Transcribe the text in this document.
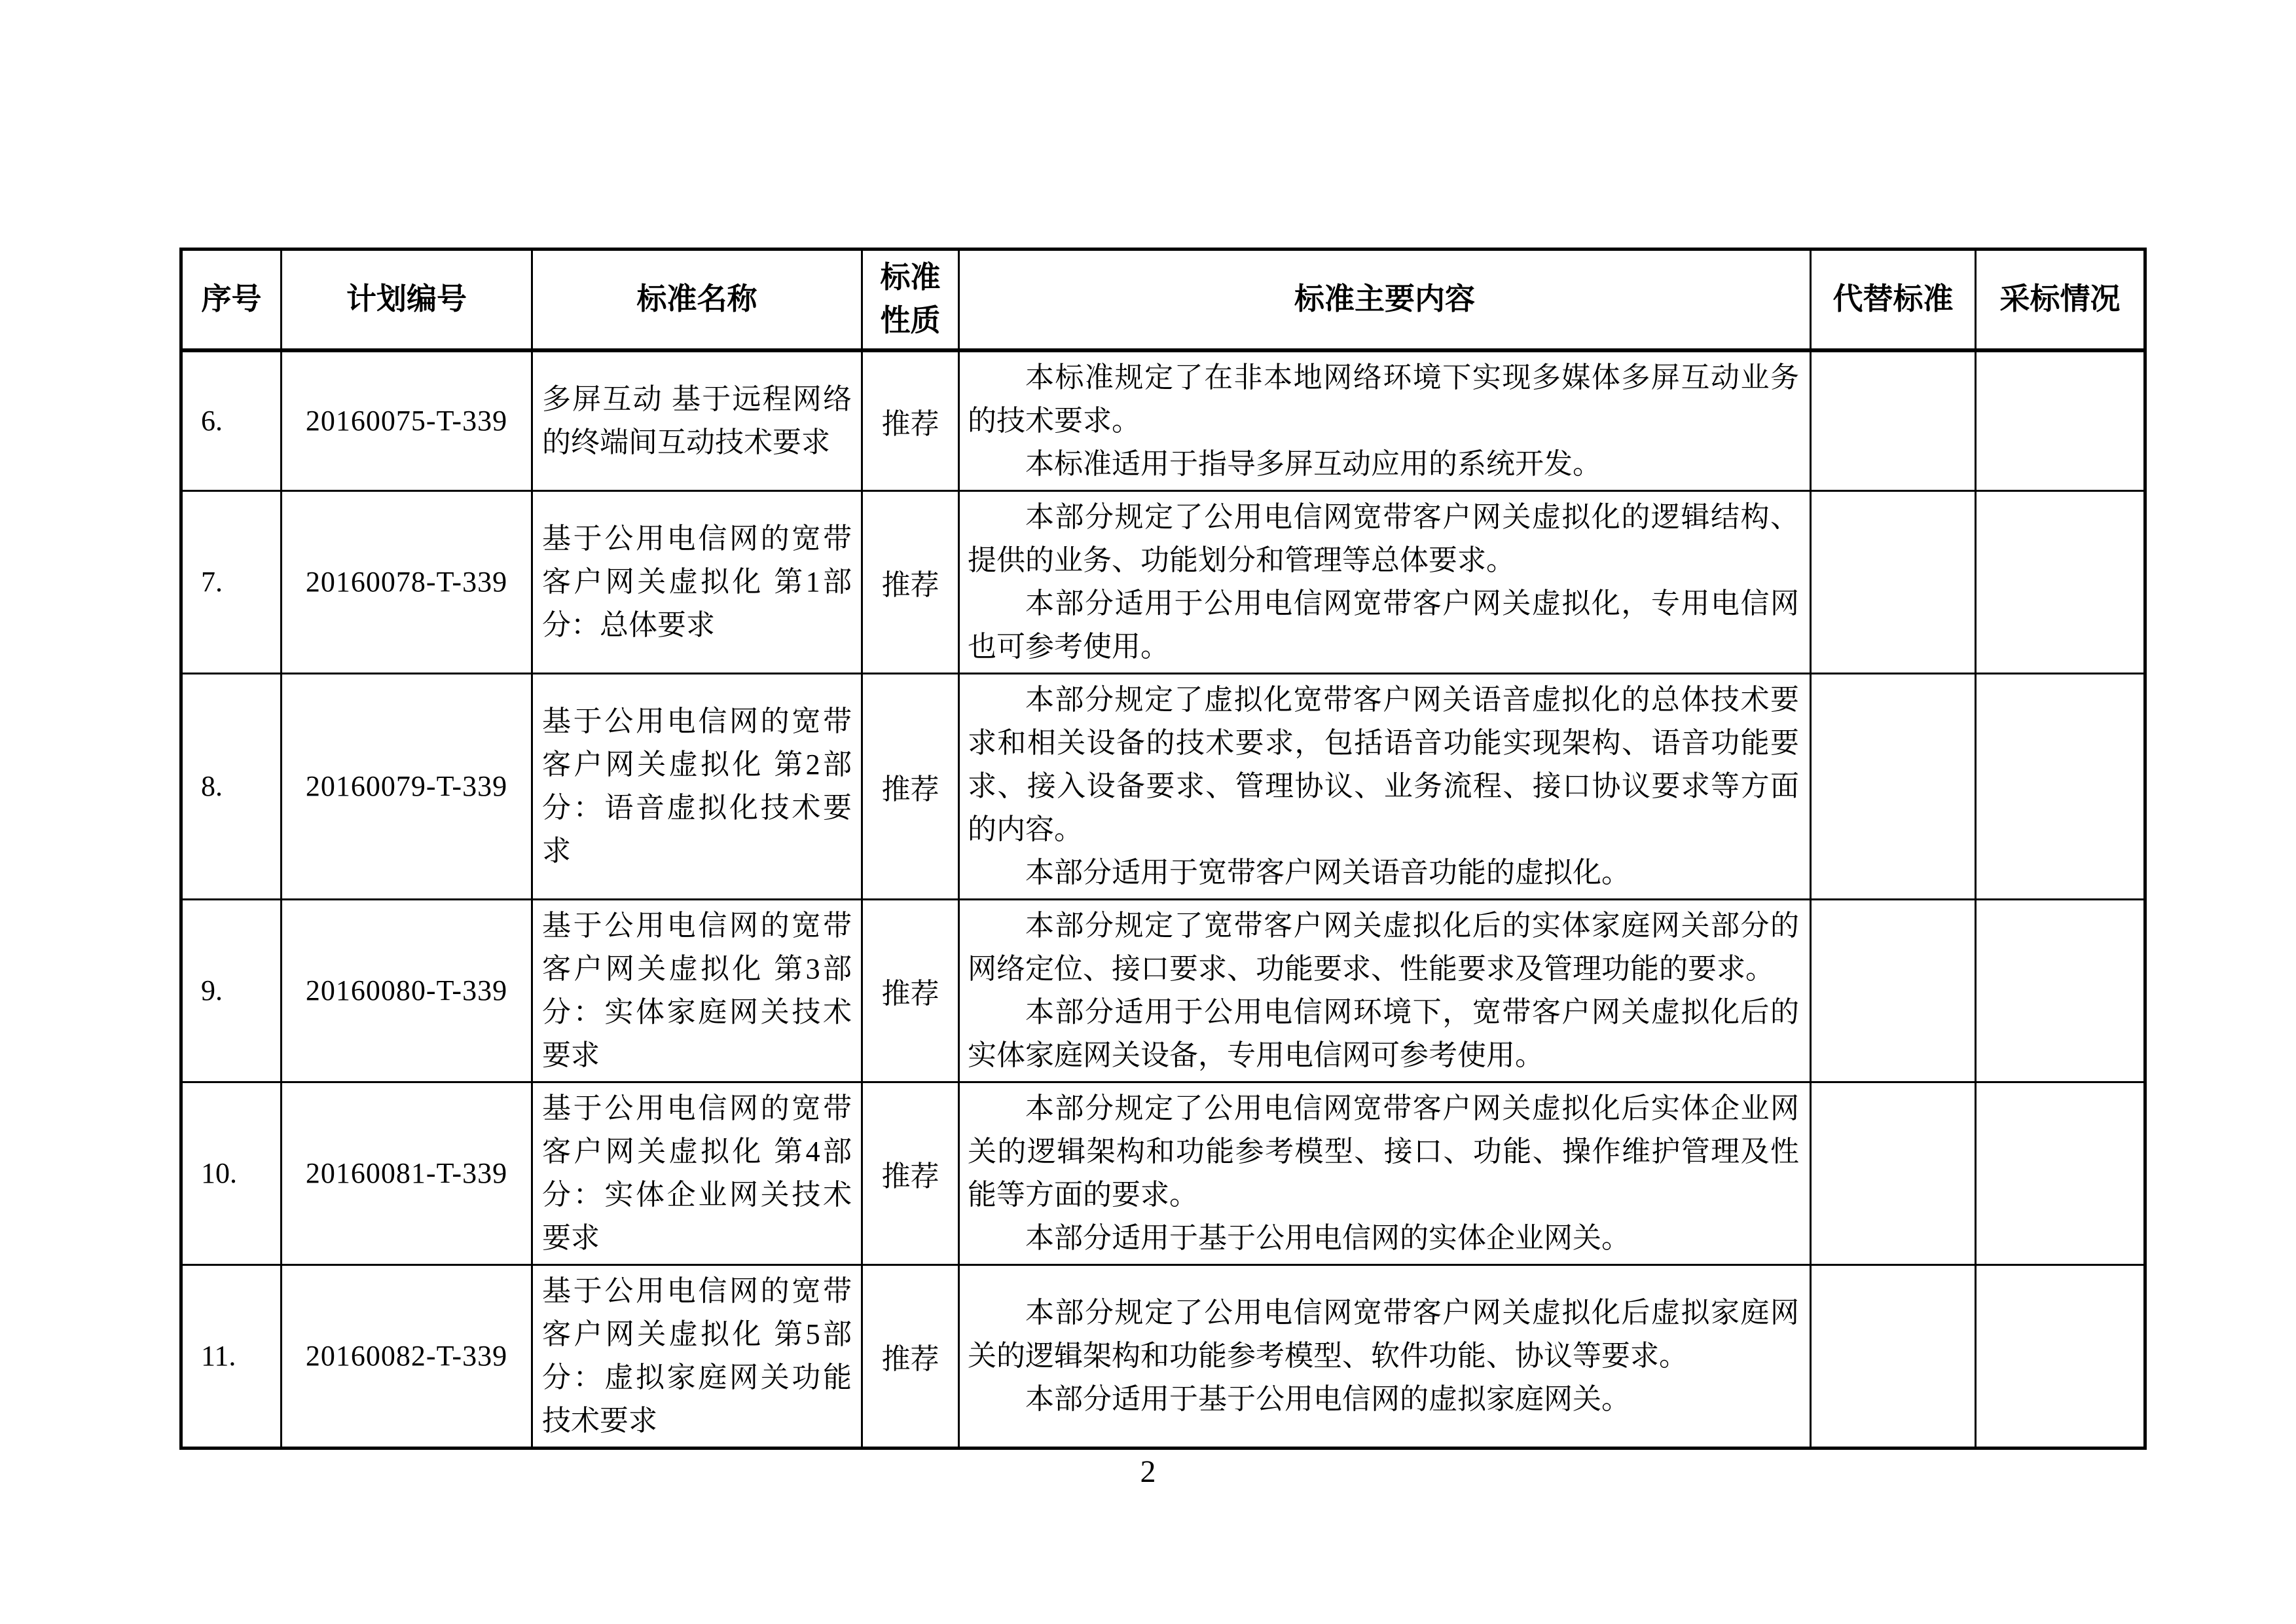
序号	计划编号	标准名称	标准性质	标准主要内容	代替标准	采标情况
6.	20160075-T-339	多屏互动 基于远程网络的终端间互动技术要求	推荐	本标准规定了在非本地网络环境下实现多媒体多屏互动业务的技术要求。

本标准适用于指导多屏互动应用的系统开发。		

7.	20160078-T-339	基于公用电信网的宽带客户网关虚拟化 第1部分：总体要求	推荐	本部分规定了公用电信网宽带客户网关虚拟化的逻辑结构、提供的业务、功能划分和管理等总体要求。

本部分适用于公用电信网宽带客户网关虚拟化，专用电信网也可参考使用。		

8.	20160079-T-339	基于公用电信网的宽带客户网关虚拟化 第2部分：语音虚拟化技术要求	推荐	本部分规定了虚拟化宽带客户网关语音虚拟化的总体技术要求和相关设备的技术要求，包括语音功能实现架构、语音功能要求、接入设备要求、管理协议、业务流程、接口协议要求等方面的内容。

本部分适用于宽带客户网关语音功能的虚拟化。		

9.	20160080-T-339	基于公用电信网的宽带客户网关虚拟化 第3部分：实体家庭网关技术要求	推荐	本部分规定了宽带客户网关虚拟化后的实体家庭网关部分的网络定位、接口要求、功能要求、性能要求及管理功能的要求。

本部分适用于公用电信网环境下，宽带客户网关虚拟化后的实体家庭网关设备，专用电信网可参考使用。		

10.	20160081-T-339	基于公用电信网的宽带客户网关虚拟化 第4部分：实体企业网关技术要求	推荐	本部分规定了公用电信网宽带客户网关虚拟化后实体企业网关的逻辑架构和功能参考模型、接口、功能、操作维护管理及性能等方面的要求。

本部分适用于基于公用电信网的实体企业网关。		

11.	20160082-T-339	基于公用电信网的宽带客户网关虚拟化 第5部分：虚拟家庭网关功能技术要求	推荐	本部分规定了公用电信网宽带客户网关虚拟化后虚拟家庭网关的逻辑架构和功能参考模型、软件功能、协议等要求。

本部分适用于基于公用电信网的虚拟家庭网关。		

2
